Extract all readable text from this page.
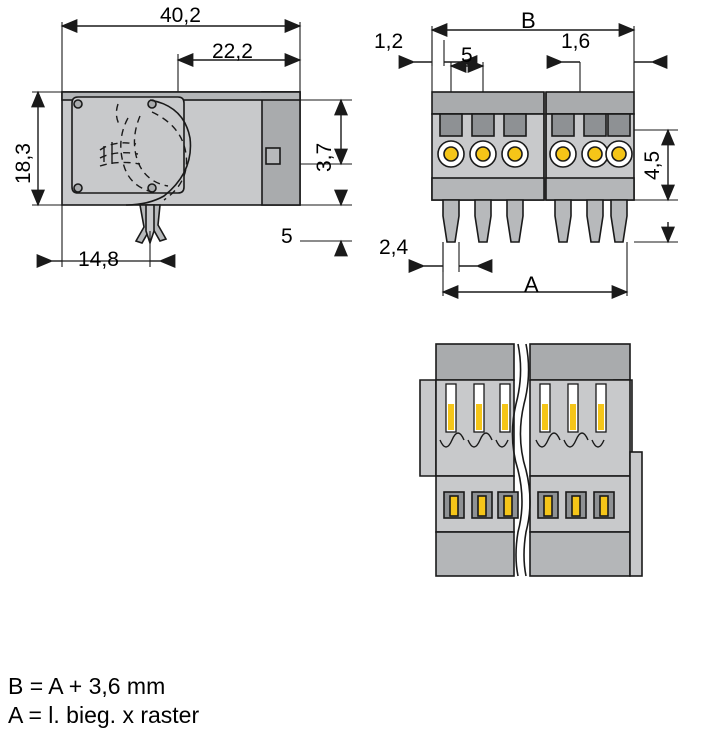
40,2
22,2
18,3	3,7
5
14,8
B
1,2
5
1,6
4,5
2,4
A
B = A + 3,6 mm
A = l. bieg. x raster
